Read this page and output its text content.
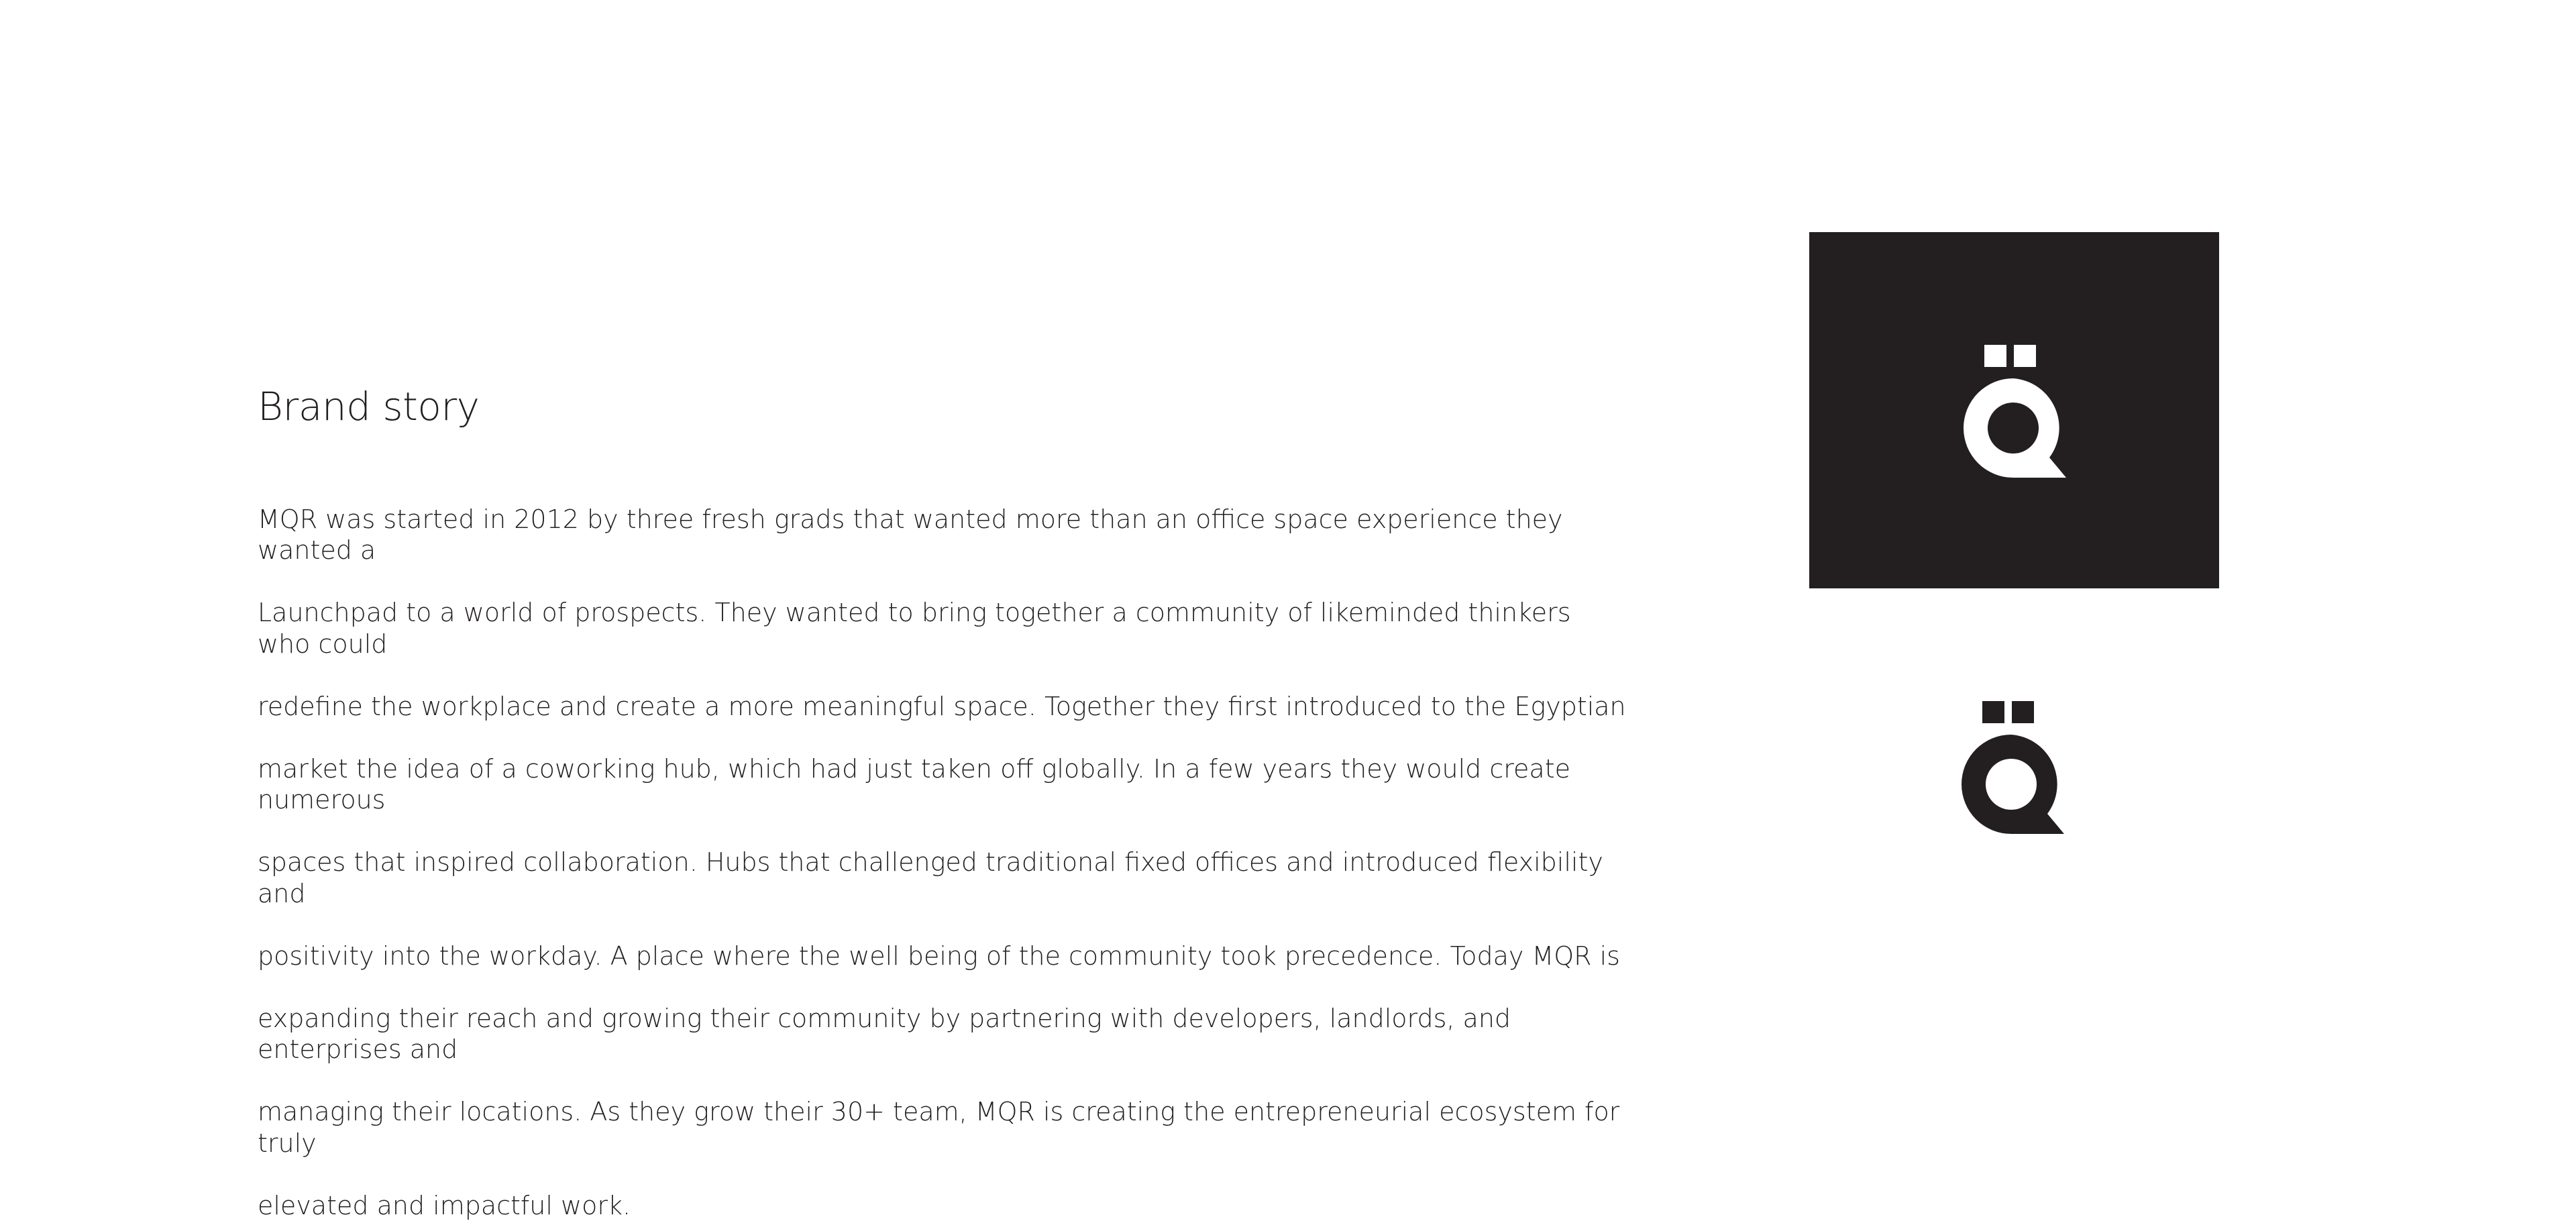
Brand story

MQR was started in 2012 by three fresh grads that wanted more than an office space experience they wanted a

Launchpad to a world of prospects. They wanted to bring together a community of likeminded thinkers who could

redefine the workplace and create a more meaningful space. Together they first introduced to the Egyptian

market the idea of a coworking hub, which had just taken off globally. In a few years they would create numerous

spaces that inspired collaboration. Hubs that challenged traditional fixed offices and introduced flexibility and

positivity into the workday. A place where the well being of the community took precedence. Today MQR is

expanding their reach and growing their community by partnering with developers, landlords, and enterprises and

managing their locations. As they grow their 30+ team, MQR is creating the entrepreneurial ecosystem for truly

elevated and impactful work.
